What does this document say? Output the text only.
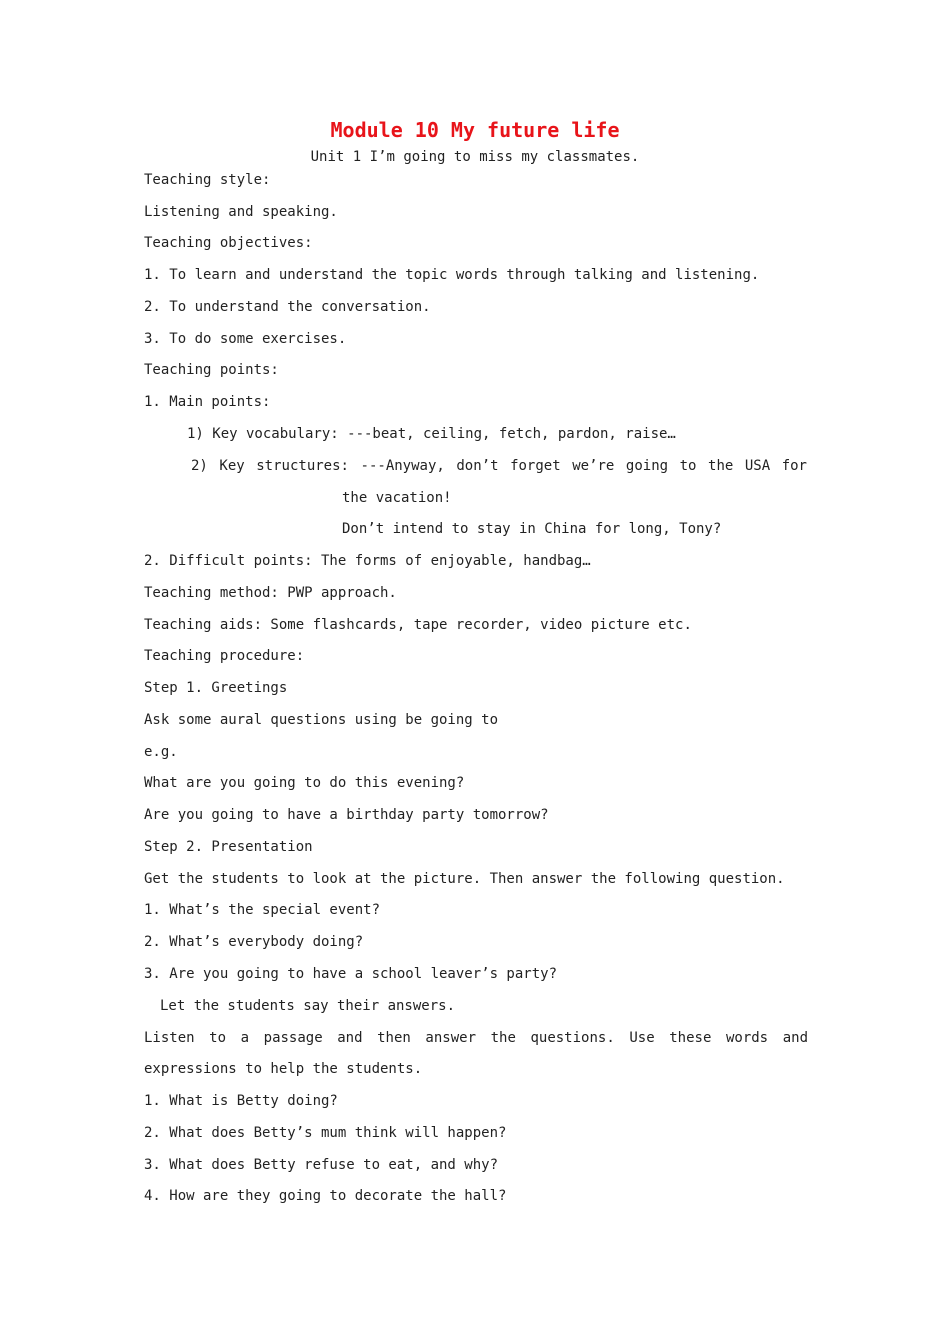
Module 10 My future life
Unit 1 I’m going to miss my classmates.
Teaching style:
Listening and speaking.
Teaching objectives:
1. To learn and understand the topic words through talking and listening.
2. To understand the conversation.
3. To do some exercises.
Teaching points:
1. Main points:
1) Key vocabulary: ---beat, ceiling, fetch, pardon, raise…
2) Key structures: ---Anyway, don’t forget we’re going to the USA for
the vacation!
Don’t intend to stay in China for long, Tony?
2. Difficult points: The forms of enjoyable, handbag…
Teaching method: PWP approach.
Teaching aids: Some flashcards, tape recorder, video picture etc.
Teaching procedure:
Step 1. Greetings
Ask some aural questions using be going to
e.g.
What are you going to do this evening?
Are you going to have a birthday party tomorrow?
Step 2. Presentation
Get the students to look at the picture. Then answer the following question.
1. What’s the special event?
2. What’s everybody doing?
3. Are you going to have a school leaver’s party?
Let the students say their answers.
Listen to a passage and then answer the questions. Use these words and
expressions to help the students.
1. What is Betty doing?
2. What does Betty’s mum think will happen?
3. What does Betty refuse to eat, and why?
4. How are they going to decorate the hall?
